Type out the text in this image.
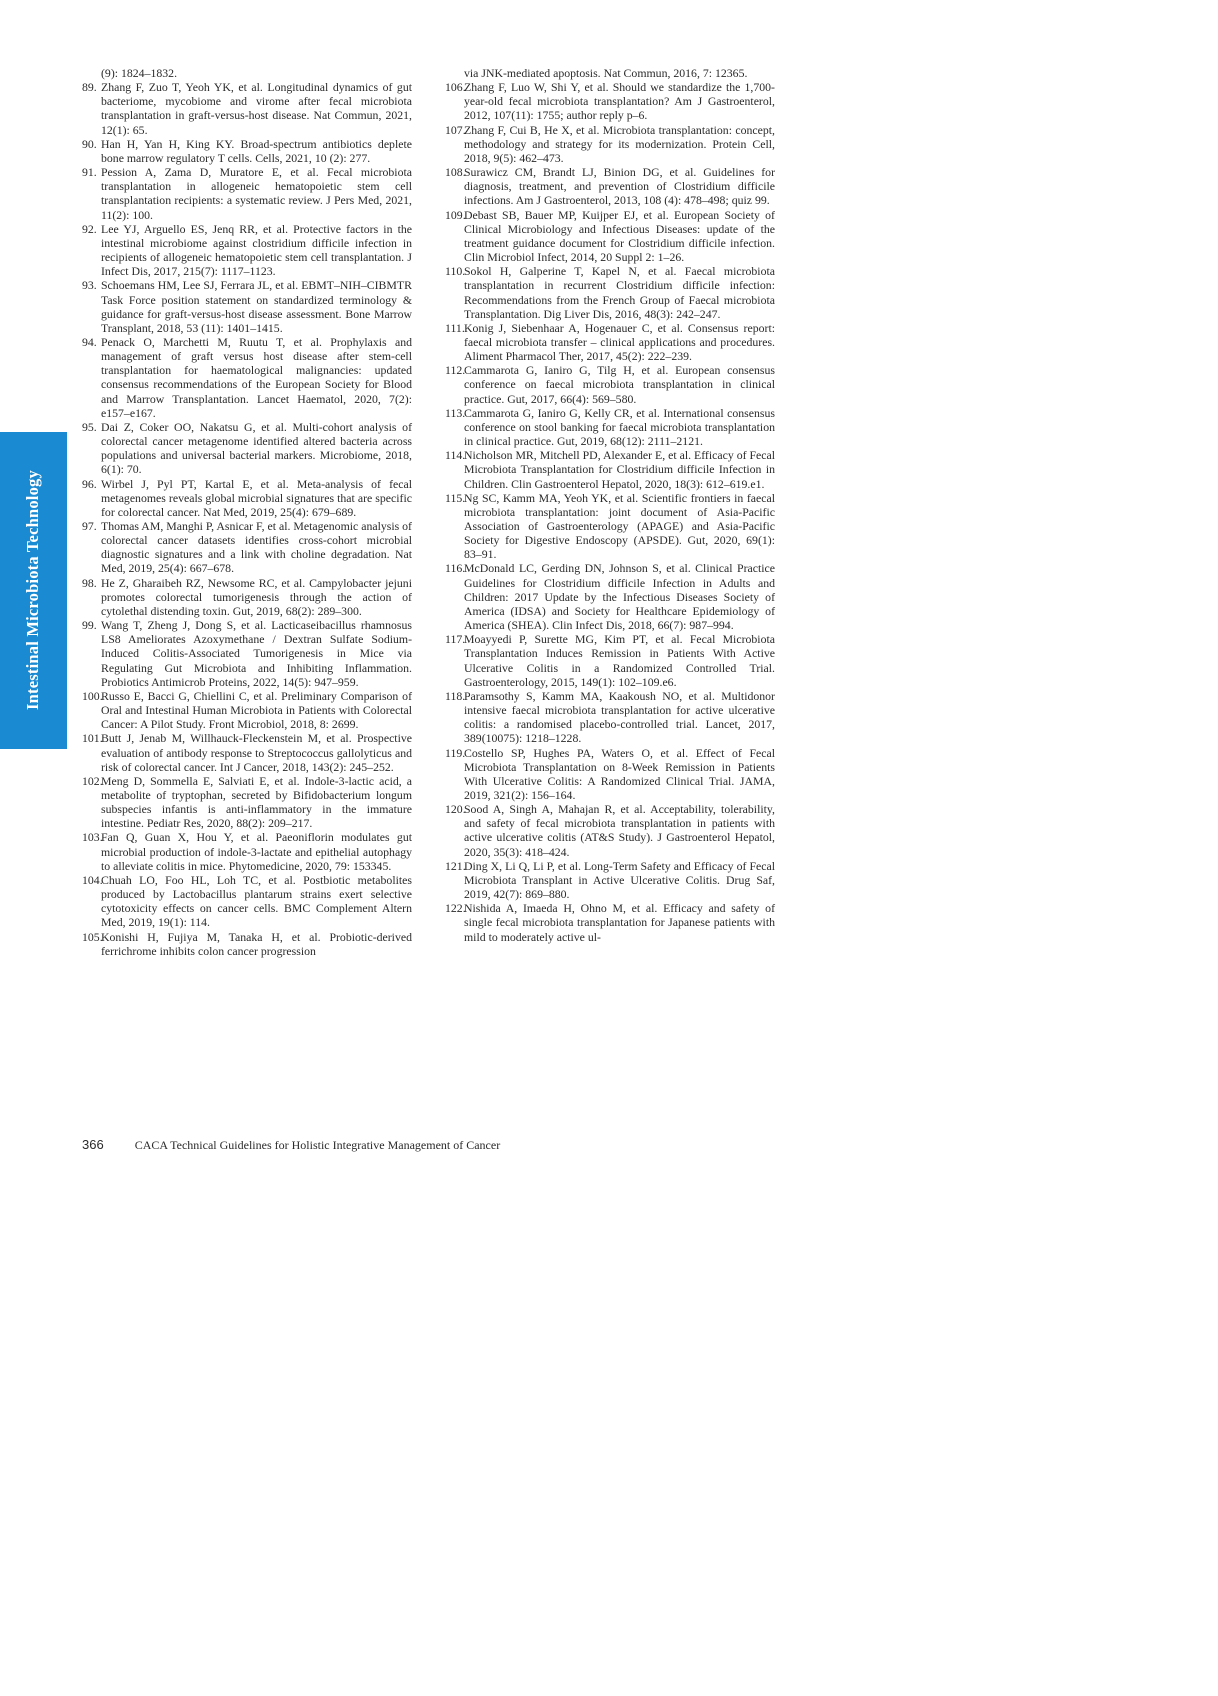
Intestinal Microbiota Technology
(9): 1824–1832.
89. Zhang F, Zuo T, Yeoh YK, et al. Longitudinal dynamics of gut bacteriome, mycobiome and virome after fecal microbiota transplantation in graft-versus-host disease. Nat Commun, 2021, 12(1): 65.
90. Han H, Yan H, King KY. Broad-spectrum antibiotics deplete bone marrow regulatory T cells. Cells, 2021, 10 (2): 277.
91. Pession A, Zama D, Muratore E, et al. Fecal microbiota transplantation in allogeneic hematopoietic stem cell transplantation recipients: a systematic review. J Pers Med, 2021, 11(2): 100.
92. Lee YJ, Arguello ES, Jenq RR, et al. Protective factors in the intestinal microbiome against clostridium difficile infection in recipients of allogeneic hematopoietic stem cell transplantation. J Infect Dis, 2017, 215(7): 1117–1123.
93. Schoemans HM, Lee SJ, Ferrara JL, et al. EBMT–NIH–CIBMTR Task Force position statement on standardized terminology & guidance for graft-versus-host disease assessment. Bone Marrow Transplant, 2018, 53 (11): 1401–1415.
94. Penack O, Marchetti M, Ruutu T, et al. Prophylaxis and management of graft versus host disease after stem-cell transplantation for haematological malignancies: updated consensus recommendations of the European Society for Blood and Marrow Transplantation. Lancet Haematol, 2020, 7(2): e157–e167.
95. Dai Z, Coker OO, Nakatsu G, et al. Multi-cohort analysis of colorectal cancer metagenome identified altered bacteria across populations and universal bacterial markers. Microbiome, 2018, 6(1): 70.
96. Wirbel J, Pyl PT, Kartal E, et al. Meta-analysis of fecal metagenomes reveals global microbial signatures that are specific for colorectal cancer. Nat Med, 2019, 25(4): 679–689.
97. Thomas AM, Manghi P, Asnicar F, et al. Metagenomic analysis of colorectal cancer datasets identifies cross-cohort microbial diagnostic signatures and a link with choline degradation. Nat Med, 2019, 25(4): 667–678.
98. He Z, Gharaibeh RZ, Newsome RC, et al. Campylobacter jejuni promotes colorectal tumorigenesis through the action of cytolethal distending toxin. Gut, 2019, 68(2): 289–300.
99. Wang T, Zheng J, Dong S, et al. Lacticaseibacillus rhamnosus LS8 Ameliorates Azoxymethane / Dextran Sulfate Sodium-Induced Colitis-Associated Tumorigenesis in Mice via Regulating Gut Microbiota and Inhibiting Inflammation. Probiotics Antimicrob Proteins, 2022, 14(5): 947–959.
100.
Russo E, Bacci G, Chiellini C, et al. Preliminary Comparison of Oral and Intestinal Human Microbiota in Patients with Colorectal Cancer: A Pilot Study. Front Microbiol, 2018, 8: 2699.
101.
Butt J, Jenab M, Willhauck-Fleckenstein M, et al. Prospective evaluation of antibody response to Streptococcus gallolyticus and risk of colorectal cancer. Int J Cancer, 2018, 143(2): 245–252.
102.
Meng D, Sommella E, Salviati E, et al. Indole-3-lactic acid, a metabolite of tryptophan, secreted by Bifidobacterium longum subspecies infantis is anti-inflammatory in the immature intestine. Pediatr Res, 2020, 88(2): 209–217.
103.
Fan Q, Guan X, Hou Y, et al. Paeoniflorin modulates gut microbial production of indole-3-lactate and epithelial autophagy to alleviate colitis in mice. Phytomedicine, 2020, 79: 153345.
104.
Chuah LO, Foo HL, Loh TC, et al. Postbiotic metabolites produced by Lactobacillus plantarum strains exert selective cytotoxicity effects on cancer cells. BMC Complement Altern Med, 2019, 19(1): 114.
105.
Konishi H, Fujiya M, Tanaka H, et al. Probiotic-derived ferrichrome inhibits colon cancer progression
via JNK-mediated apoptosis. Nat Commun, 2016, 7: 12365.
106.
Zhang F, Luo W, Shi Y, et al. Should we standardize the 1,700-year-old fecal microbiota transplantation? Am J Gastroenterol, 2012, 107(11): 1755; author reply p–6.
107.
Zhang F, Cui B, He X, et al. Microbiota transplantation: concept, methodology and strategy for its modernization. Protein Cell, 2018, 9(5): 462–473.
108.
Surawicz CM, Brandt LJ, Binion DG, et al. Guidelines for diagnosis, treatment, and prevention of Clostridium difficile infections. Am J Gastroenterol, 2013, 108 (4): 478–498; quiz 99.
109.
Debast SB, Bauer MP, Kuijper EJ, et al. European Society of Clinical Microbiology and Infectious Diseases: update of the treatment guidance document for Clostridium difficile infection. Clin Microbiol Infect, 2014, 20 Suppl 2: 1–26.
110.
Sokol H, Galperine T, Kapel N, et al. Faecal microbiota transplantation in recurrent Clostridium difficile infection: Recommendations from the French Group of Faecal microbiota Transplantation. Dig Liver Dis, 2016, 48(3): 242–247.
111. Konig J, Siebenhaar A, Hogenauer C, et al. Consensus report: faecal microbiota transfer – clinical applications and procedures. Aliment Pharmacol Ther, 2017, 45(2): 222–239.
112.
Cammarota G, Ianiro G, Tilg H, et al. European consensus conference on faecal microbiota transplantation in clinical practice. Gut, 2017, 66(4): 569–580.
113.
Cammarota G, Ianiro G, Kelly CR, et al. International consensus conference on stool banking for faecal microbiota transplantation in clinical practice. Gut, 2019, 68(12): 2111–2121.
114.
Nicholson MR, Mitchell PD, Alexander E, et al. Efficacy of Fecal Microbiota Transplantation for Clostridium difficile Infection in Children. Clin Gastroenterol Hepatol, 2020, 18(3): 612–619.e1.
115.
Ng SC, Kamm MA, Yeoh YK, et al. Scientific frontiers in faecal microbiota transplantation: joint document of Asia-Pacific Association of Gastroenterology (APAGE) and Asia-Pacific Society for Digestive Endoscopy (APSDE). Gut, 2020, 69(1): 83–91.
116.
McDonald LC, Gerding DN, Johnson S, et al. Clinical Practice Guidelines for Clostridium difficile Infection in Adults and Children: 2017 Update by the Infectious Diseases Society of America (IDSA) and Society for Healthcare Epidemiology of America (SHEA). Clin Infect Dis, 2018, 66(7): 987–994.
117.
Moayyedi P, Surette MG, Kim PT, et al. Fecal Microbiota Transplantation Induces Remission in Patients With Active Ulcerative Colitis in a Randomized Controlled Trial. Gastroenterology, 2015, 149(1): 102–109.e6.
118.
Paramsothy S, Kamm MA, Kaakoush NO, et al. Multidonor intensive faecal microbiota transplantation for active ulcerative colitis: a randomised placebo-controlled trial. Lancet, 2017, 389(10075): 1218–1228.
119.
Costello SP, Hughes PA, Waters O, et al. Effect of Fecal Microbiota Transplantation on 8-Week Remission in Patients With Ulcerative Colitis: A Randomized Clinical Trial. JAMA, 2019, 321(2): 156–164.
120.
Sood A, Singh A, Mahajan R, et al. Acceptability, tolerability, and safety of fecal microbiota transplantation in patients with active ulcerative colitis (AT&S Study). J Gastroenterol Hepatol, 2020, 35(3): 418–424.
121.
Ding X, Li Q, Li P, et al. Long-Term Safety and Efficacy of Fecal Microbiota Transplant in Active Ulcerative Colitis. Drug Saf, 2019, 42(7): 869–880.
122.
Nishida A, Imaeda H, Ohno M, et al. Efficacy and safety of single fecal microbiota transplantation for Japanese patients with mild to moderately active ul-
366	CACA Technical Guidelines for Holistic Integrative Management of Cancer
